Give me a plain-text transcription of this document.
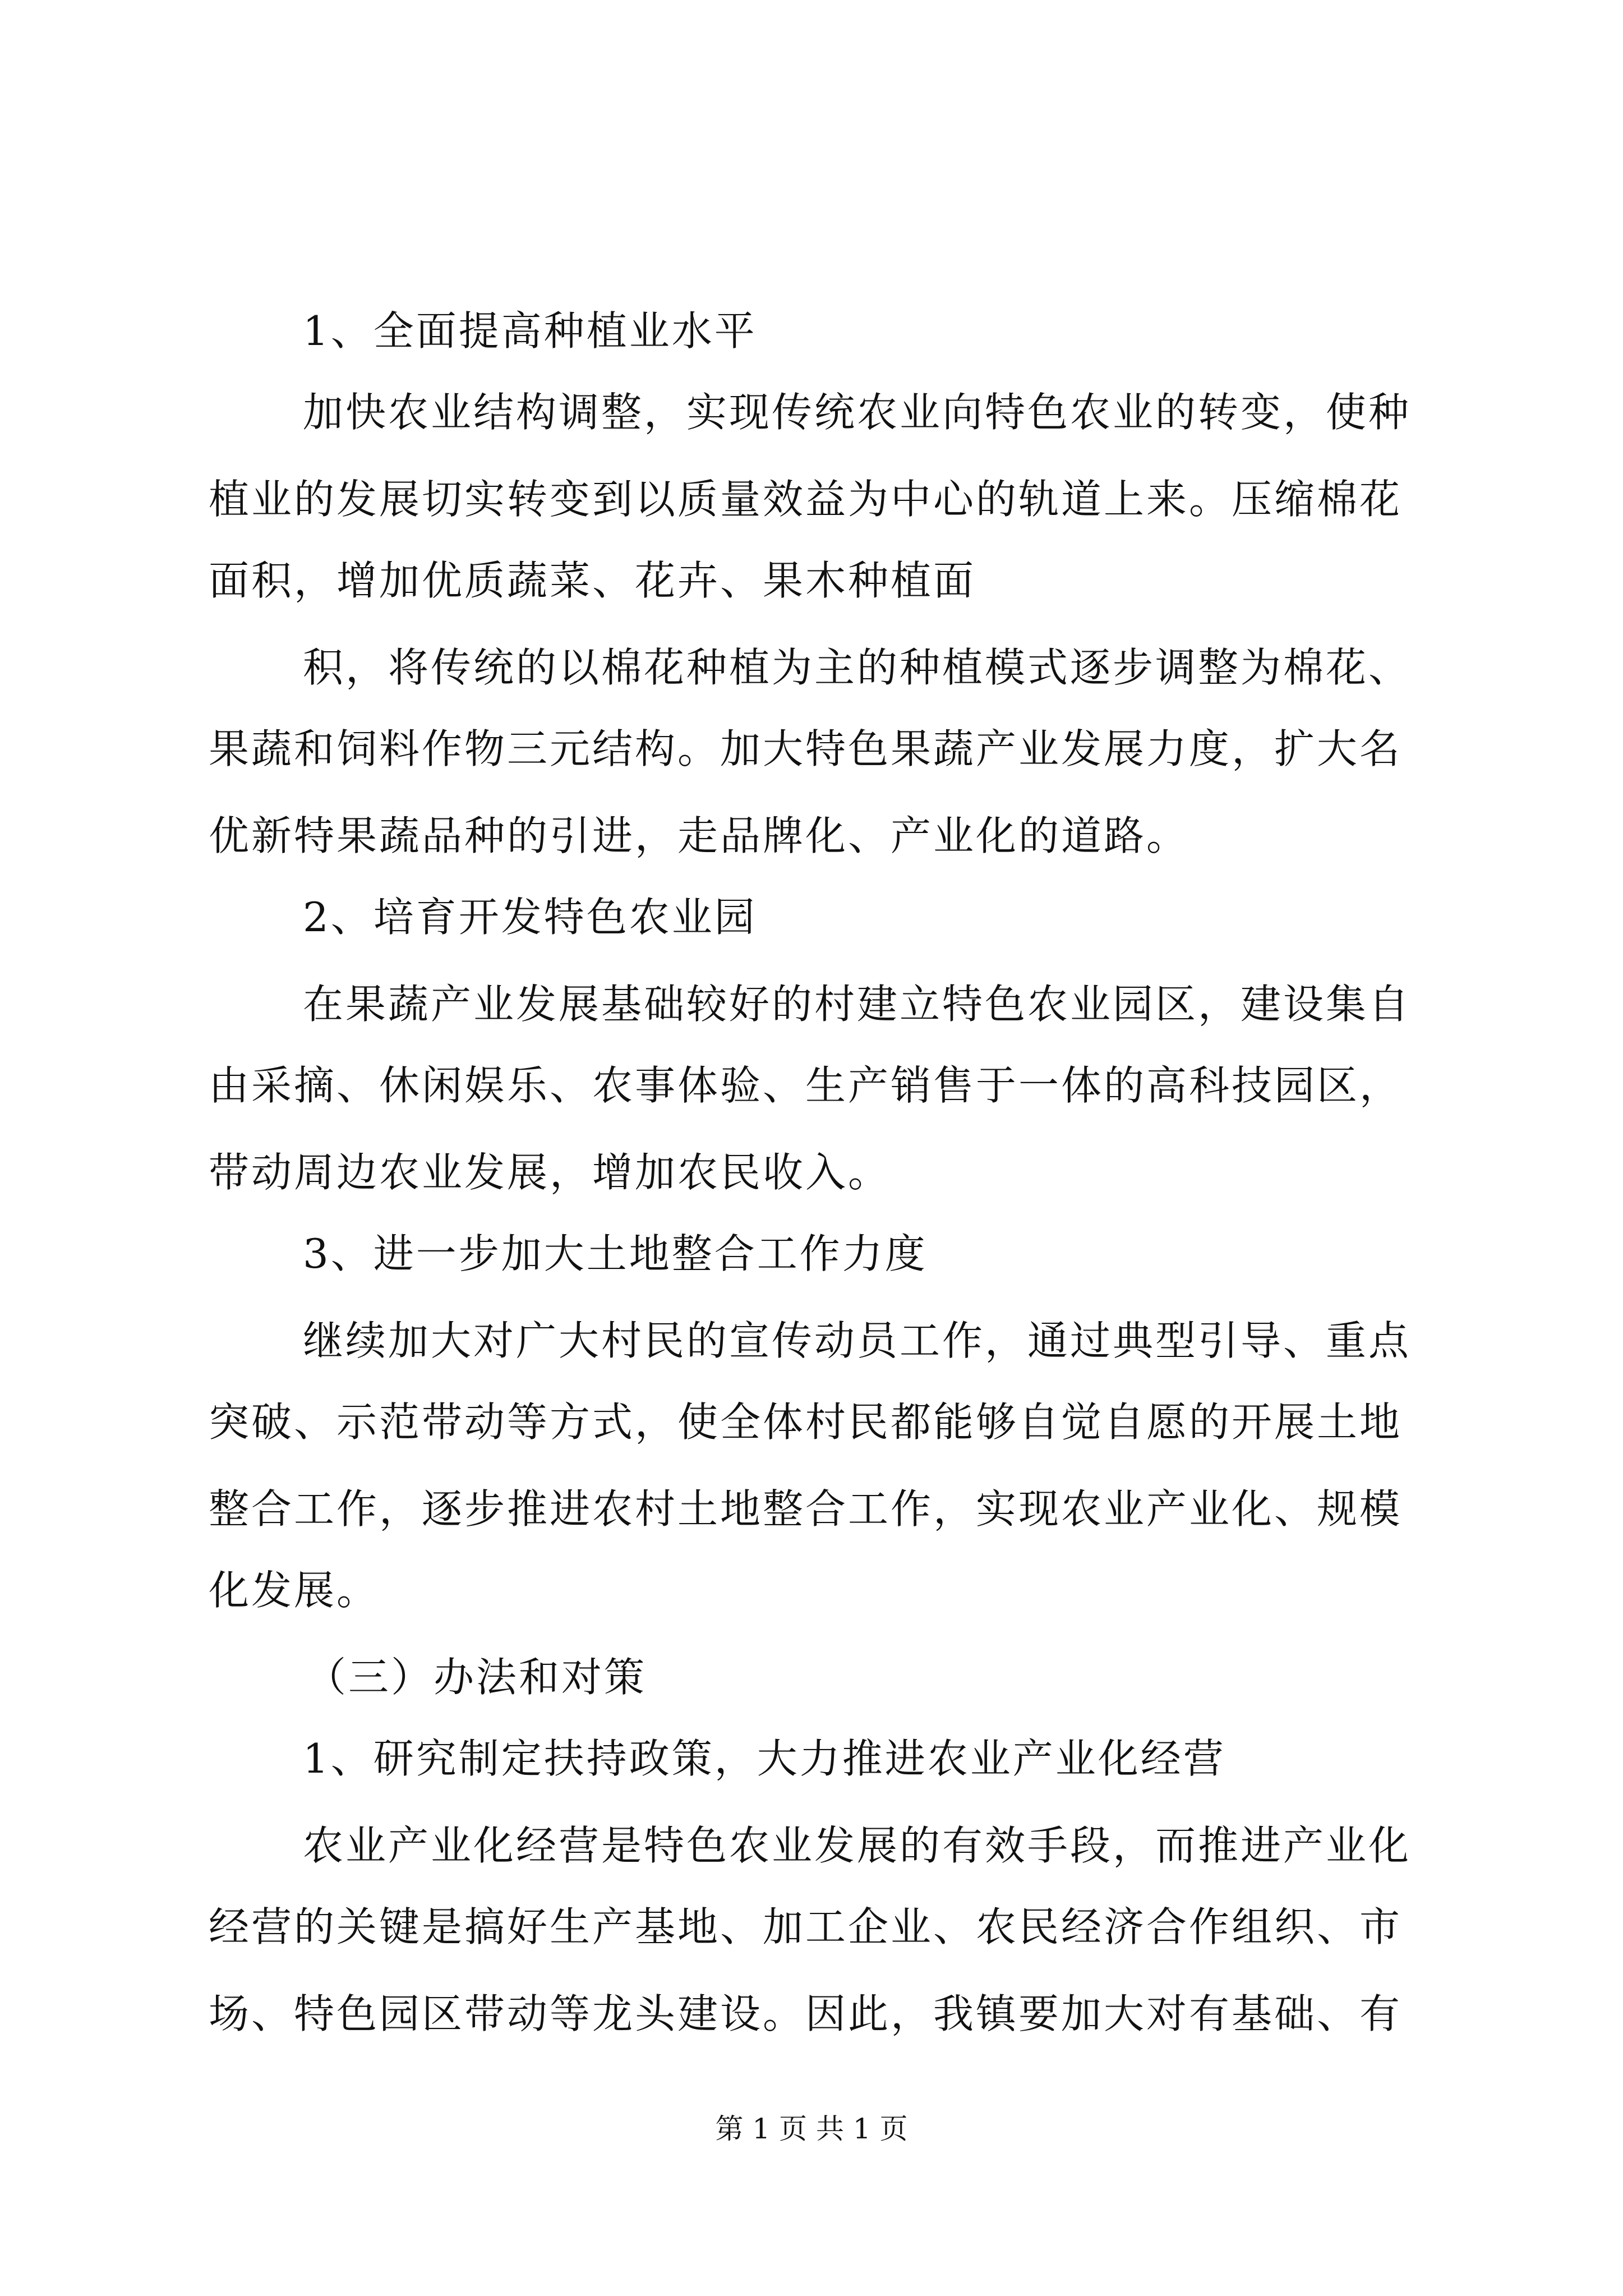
1、全面提高种植业水平

加快农业结构调整，实现传统农业向特色农业的转变，使种

植业的发展切实转变到以质量效益为中心的轨道上来。压缩棉花

面积，增加优质蔬菜、花卉、果木种植面

积，将传统的以棉花种植为主的种植模式逐步调整为棉花、

果蔬和饲料作物三元结构。加大特色果蔬产业发展力度，扩大名

优新特果蔬品种的引进，走品牌化、产业化的道路。

2、培育开发特色农业园

在果蔬产业发展基础较好的村建立特色农业园区，建设集自

由采摘、休闲娱乐、农事体验、生产销售于一体的高科技园区，

带动周边农业发展，增加农民收入。

3、进一步加大土地整合工作力度

继续加大对广大村民的宣传动员工作，通过典型引导、重点

突破、示范带动等方式，使全体村民都能够自觉自愿的开展土地

整合工作，逐步推进农村土地整合工作，实现农业产业化、规模

化发展。

（三）办法和对策

1、研究制定扶持政策，大力推进农业产业化经营

农业产业化经营是特色农业发展的有效手段，而推进产业化

经营的关键是搞好生产基地、加工企业、农民经济合作组织、市

场、特色园区带动等龙头建设。因此，我镇要加大对有基础、有

第 1 页 共 1 页
